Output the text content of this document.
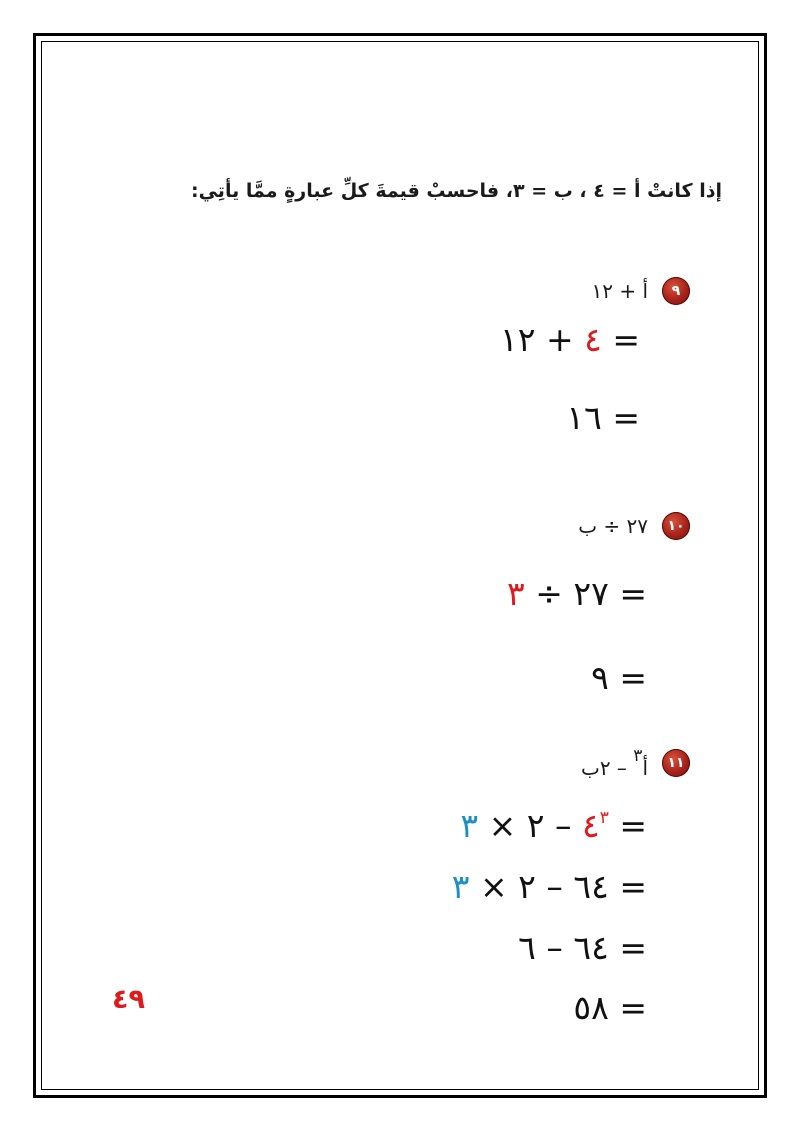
إذا كانتْ أ = ٤ ، ب = ٣، فاحسبْ قيمةَ كلِّ عبارةٍ ممَّا يأتِي:
٩
أ + ١٢
= ٤ + ١٢
= ١٦
١٠
٢٧ ÷ ب
= ٢٧ ÷ ٣
= ٩
١١
أ$^٣$ – ٢ب
= $٤^٣$ – ٢ × ٣
= ٦٤ – ٢ × ٣
= ٦٤ – ٦
= ٥٨
٤٩
